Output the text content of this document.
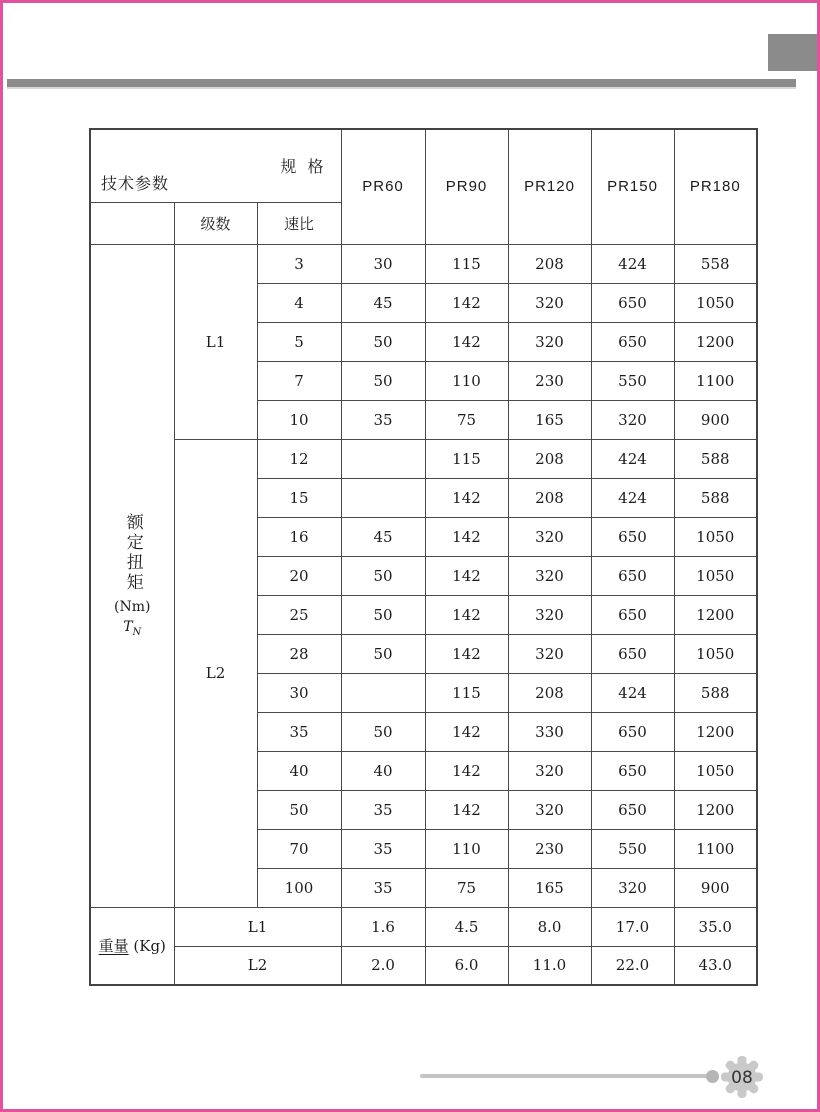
规 格
技术参数			PR60	PR90	PR120	PR150	PR180
	级数	速比					

额定扭矩
(Nm)
$T_N$	L1	3	30	115	208	424	558
		4	45	142	320	650	1050
		5	50	142	320	650	1200
		7	50	110	230	550	1100
		10	35	75	165	320	900
	L2	12		115	208	424	588
		15		142	208	424	588
		16	45	142	320	650	1050
		20	50	142	320	650	1050
		25	50	142	320	650	1200
		28	50	142	320	650	1050
		30		115	208	424	588
		35	50	142	330	650	1200
		40	40	142	320	650	1050
		50	35	142	320	650	1200
		70	35	110	230	550	1100
		100	35	75	165	320	900
重量 (Kg)	L1		1.6	4.5	8.0	17.0	35.0
	L2		2.0	6.0	11.0	22.0	43.0
08
